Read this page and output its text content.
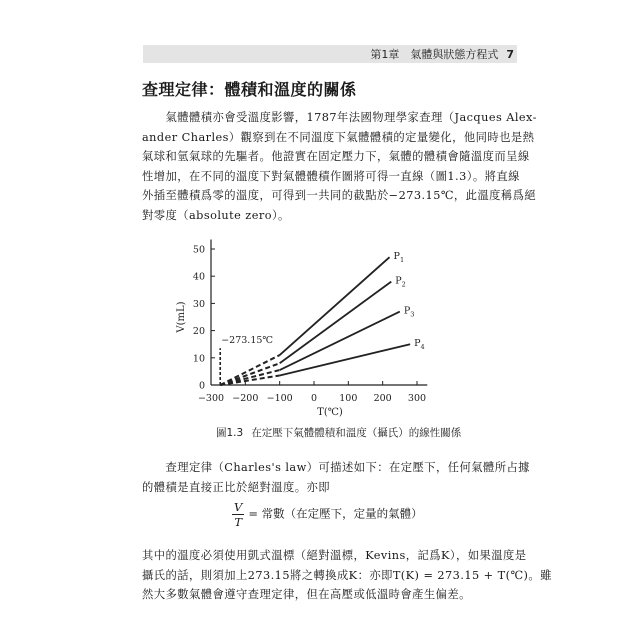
第1章　氣體與狀態方程式 7
查理定律：體積和溫度的關係
　　氣體體積亦會受溫度影響，1787年法國物理學家查理（Jacques Alex-
ander Charles）觀察到在不同溫度下氣體體積的定量變化，他同時也是熱
氣球和氫氣球的先驅者。他證實在固定壓力下，氣體的體積會隨溫度而呈線
性增加，在不同的溫度下對氣體體積作圖將可得一直線（圖1.3）。將直線
外插至體積爲零的溫度，可得到一共同的截點於−273.15℃，此溫度稱爲絕
對零度（absolute zero）。
0
10
20
30
40
50
−300 −200 −100 0 100 200 300
T(℃)
V(mL)
$P_1$
$P_2$
$P_3$
$P_4$
−273.15℃
圖1.3 在定壓下氣體體積和溫度（攝氏）的線性關係
　　查理定律（Charles's law）可描述如下：在定壓下，任何氣體所占據
的體積是直接正比於絕對溫度。亦即
$\frac{V}{T}$ = 常數（在定壓下，定量的氣體）
其中的溫度必須使用凱式溫標（絕對溫標，Kevins，記爲K），如果溫度是
攝氏的話，則須加上273.15將之轉換成K：亦即T(K) = 273.15 + T(℃)。雖
然大多數氣體會遵守查理定律，但在高壓或低溫時會產生偏差。
